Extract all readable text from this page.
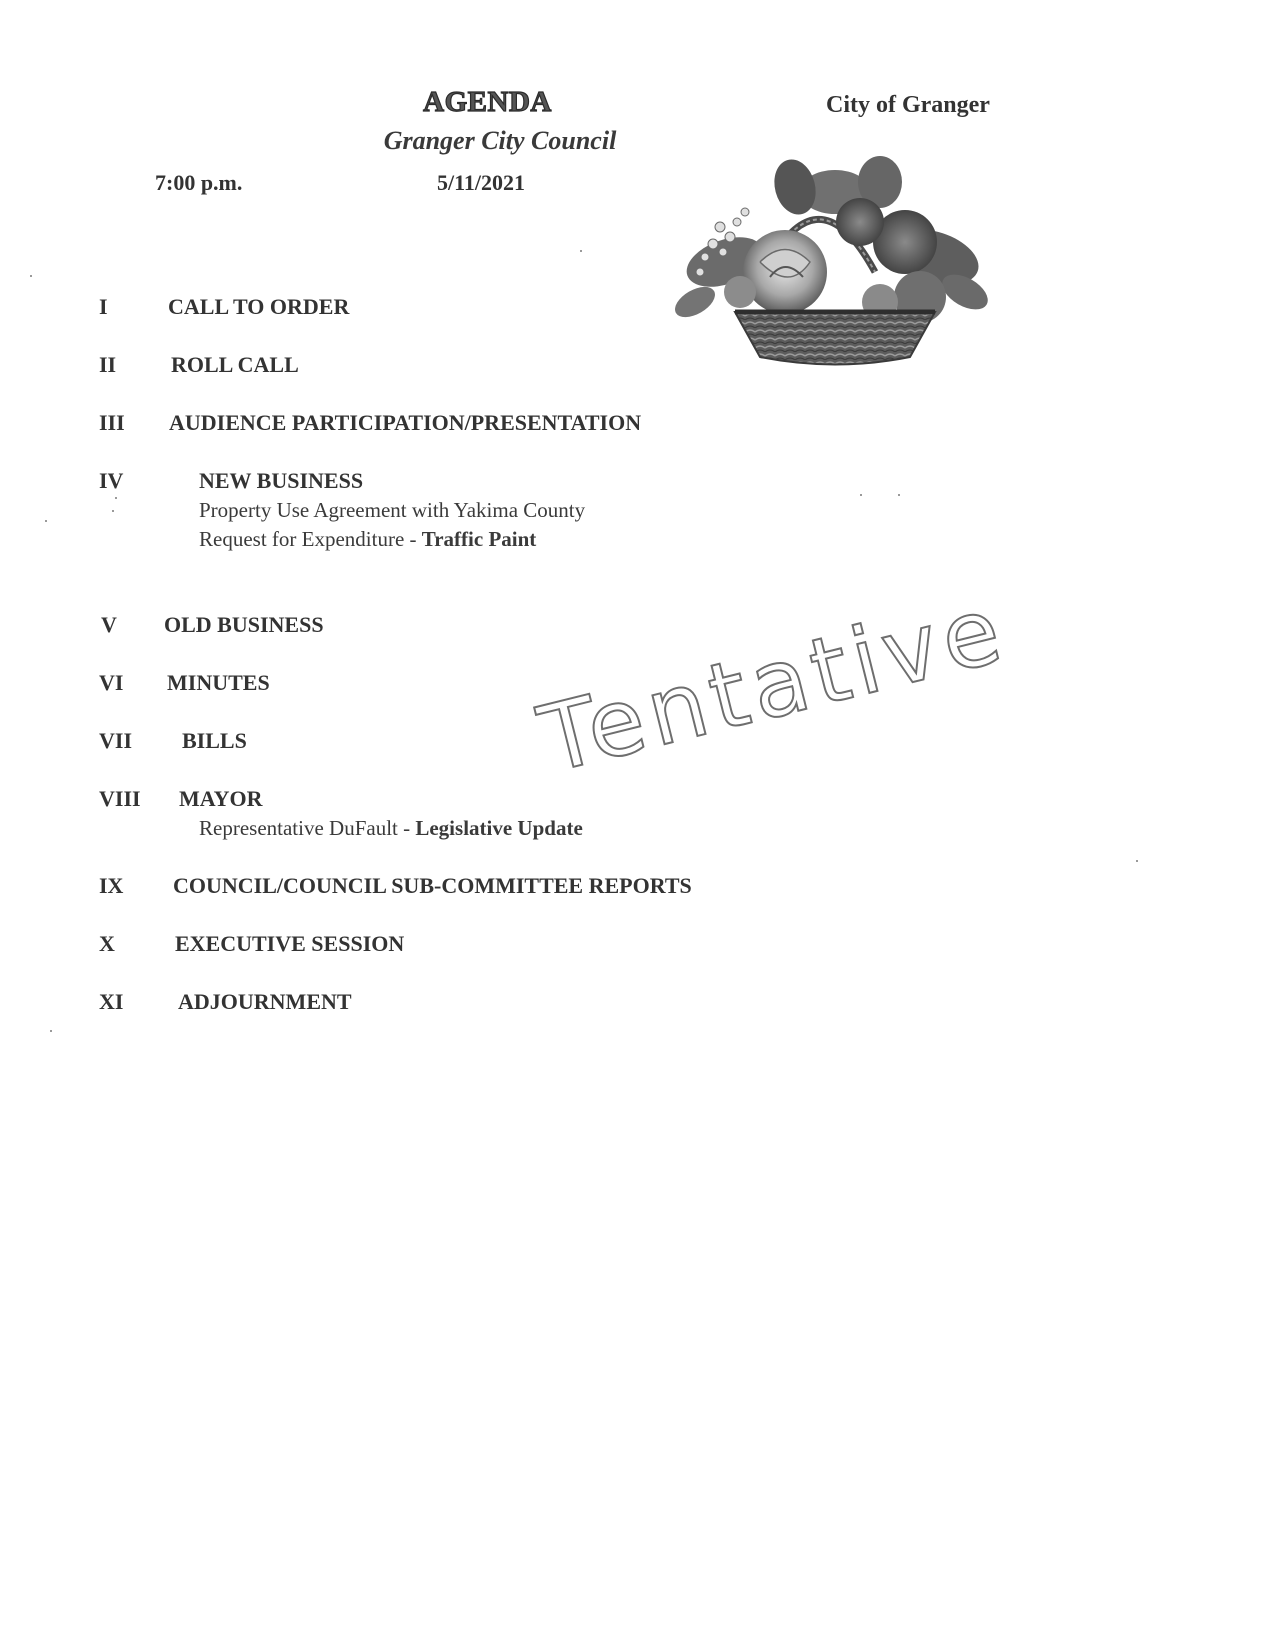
AGENDA
Granger City Council
City of Granger
7:00 p.m.	5/11/2021
I	CALL TO ORDER
II ROLL CALL
III AUDIENCE PARTICIPATION/PRESENTATION
IV	NEW BUSINESS
Property Use Agreement with Yakima County
Request for Expenditure - Traffic Paint
V OLD BUSINESS
VI MINUTES
VII BILLS
VIII MAYOR
Representative DuFault - Legislative Update
IX COUNCIL/COUNCIL SUB-COMMITTEE REPORTS
X	EXECUTIVE SESSION
XI ADJOURNMENT
Tentative
